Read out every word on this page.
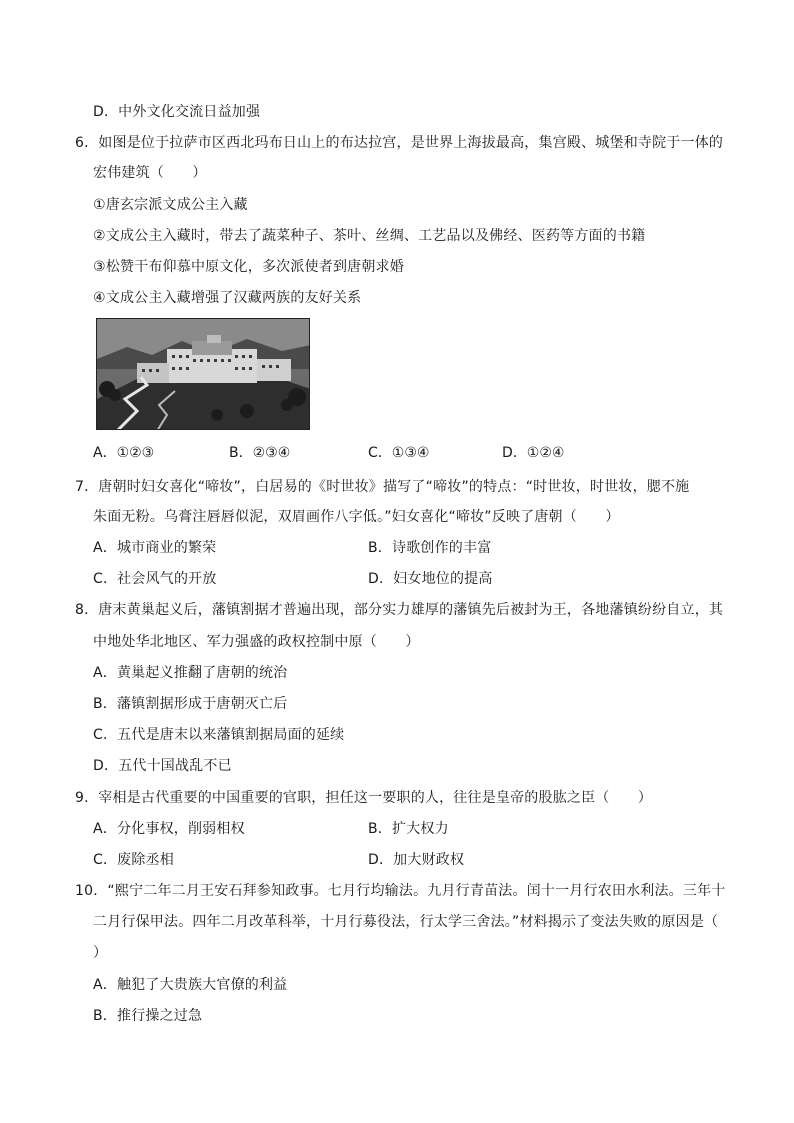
D．中外文化交流日益加强
6．如图是位于拉萨市区西北玛布日山上的布达拉宫，是世界上海拔最高，集宫殿、城堡和寺院于一体的
宏伟建筑（　　）
①唐玄宗派文成公主入藏
②文成公主入藏时，带去了蔬菜种子、茶叶、丝绸、工艺品以及佛经、医药等方面的书籍
③松赞干布仰慕中原文化，多次派使者到唐朝求婚
④文成公主入藏增强了汉藏两族的友好关系
A．①②③	B．②③④	C．①③④	D．①②④
7．唐朝时妇女喜化“啼妆”，白居易的《时世妆》描写了“啼妆”的特点：“时世妆，时世妆，腮不施
朱面无粉。乌膏注唇唇似泥，双眉画作八字低。”妇女喜化“啼妆”反映了唐朝（　　）
A．城市商业的繁荣	B．诗歌创作的丰富
C．社会风气的开放	D．妇女地位的提高
8．唐末黄巢起义后，藩镇割据才普遍出现，部分实力雄厚的藩镇先后被封为王，各地藩镇纷纷自立，其
中地处华北地区、军力强盛的政权控制中原（　　）
A．黄巢起义推翻了唐朝的统治
B．藩镇割据形成于唐朝灭亡后
C．五代是唐末以来藩镇割据局面的延续
D．五代十国战乱不已
9．宰相是古代重要的中国重要的官职，担任这一要职的人，往往是皇帝的股肱之臣（　　）
A．分化事权，削弱相权	B．扩大权力
C．废除丞相	D．加大财政权
10．“熙宁二年二月王安石拜参知政事。七月行均输法。九月行青苗法。闰十一月行农田水利法。三年十
二月行保甲法。四年二月改革科举，十月行募役法，行太学三舍法。”材料揭示了变法失败的原因是（
）
A．触犯了大贵族大官僚的利益
B．推行操之过急
